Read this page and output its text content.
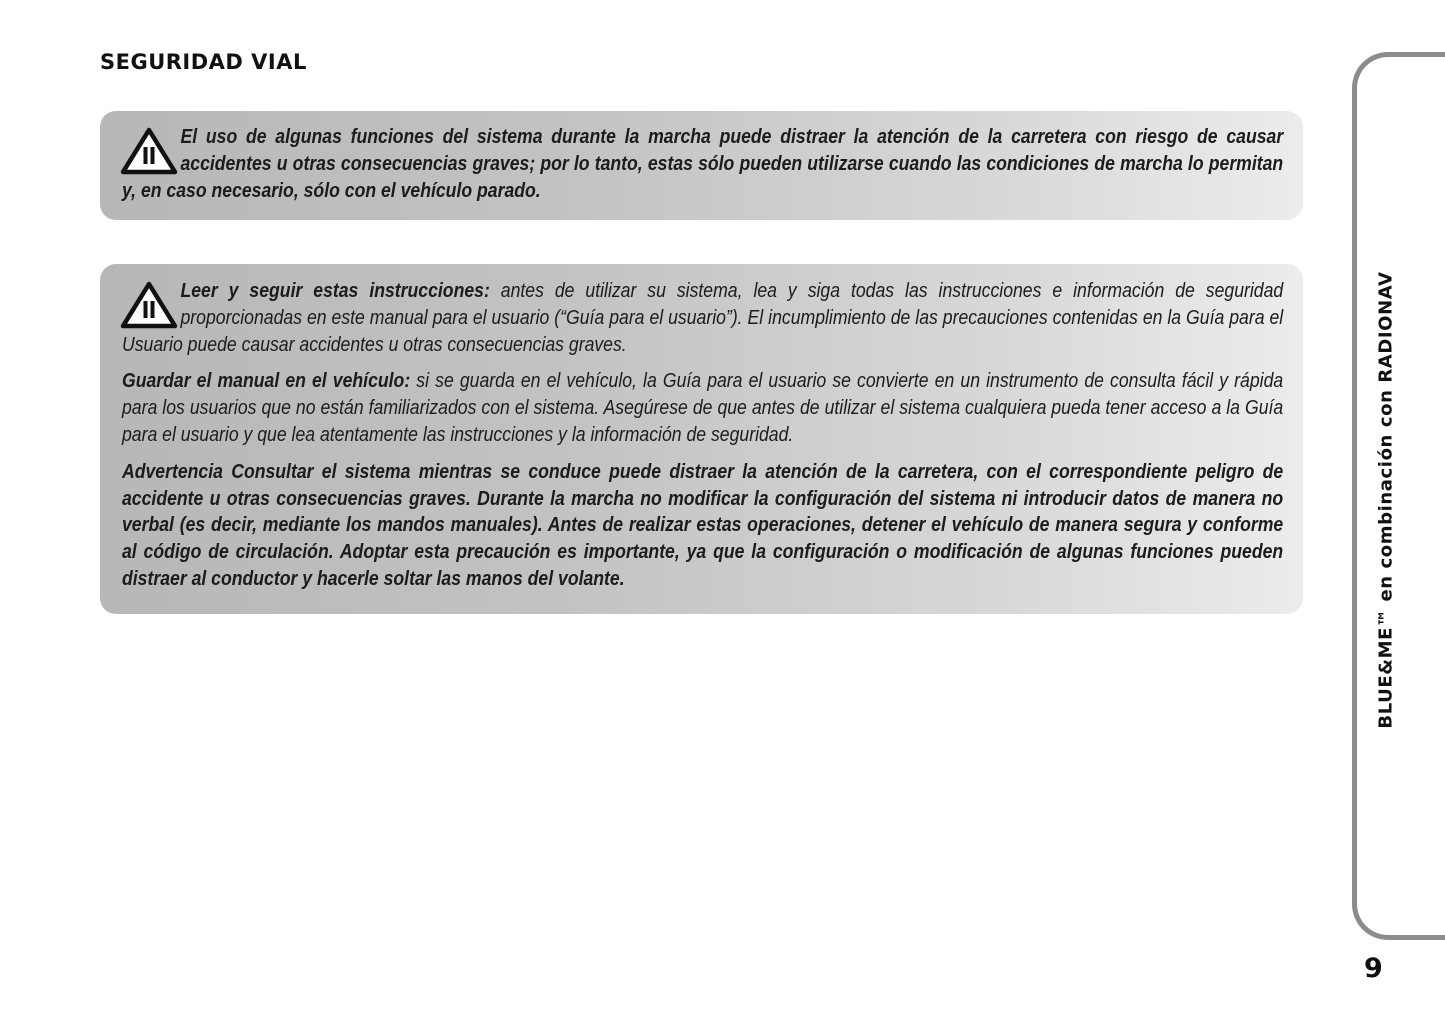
SEGURIDAD VIAL

El uso de algunas funciones del sistema durante la marcha puede distraer la atención de la carretera con riesgo de causar accidentes u otras consecuencias graves; por lo tanto, estas sólo pueden utilizarse cuando las condiciones de marcha lo permitan y, en caso necesario, sólo con el vehículo parado.

Leer y seguir estas instrucciones: antes de utilizar su sistema, lea y siga todas las instrucciones e información de seguridad proporcionadas en este manual para el usuario (“Guía para el usuario”). El incumplimiento de las precauciones contenidas en la Guía para el Usuario puede causar accidentes u otras consecuencias graves.

Guardar el manual en el vehículo: si se guarda en el vehículo, la Guía para el usuario se convierte en un instrumento de consulta fácil y rápida para los usuarios que no están familiarizados con el sistema. Asegúrese de que antes de utilizar el sistema cualquiera pueda tener acceso a la Guía para el usuario y que lea atentamente las instrucciones y la información de seguridad.

Advertencia Consultar el sistema mientras se conduce puede distraer la atención de la carretera, con el correspondiente peligro de accidente u otras consecuencias graves. Durante la marcha no modificar la configuración del sistema ni introducir datos de manera no verbal (es decir, mediante los mandos manuales). Antes de realizar estas operaciones, detener el vehículo de manera segura y conforme al código de circulación. Adoptar esta precaución es importante, ya que la configuración o modificación de algunas funciones pueden distraer al conductor y hacerle soltar las manos del volante.	BLUE&ME™ en combinación con RADIONAV
9
